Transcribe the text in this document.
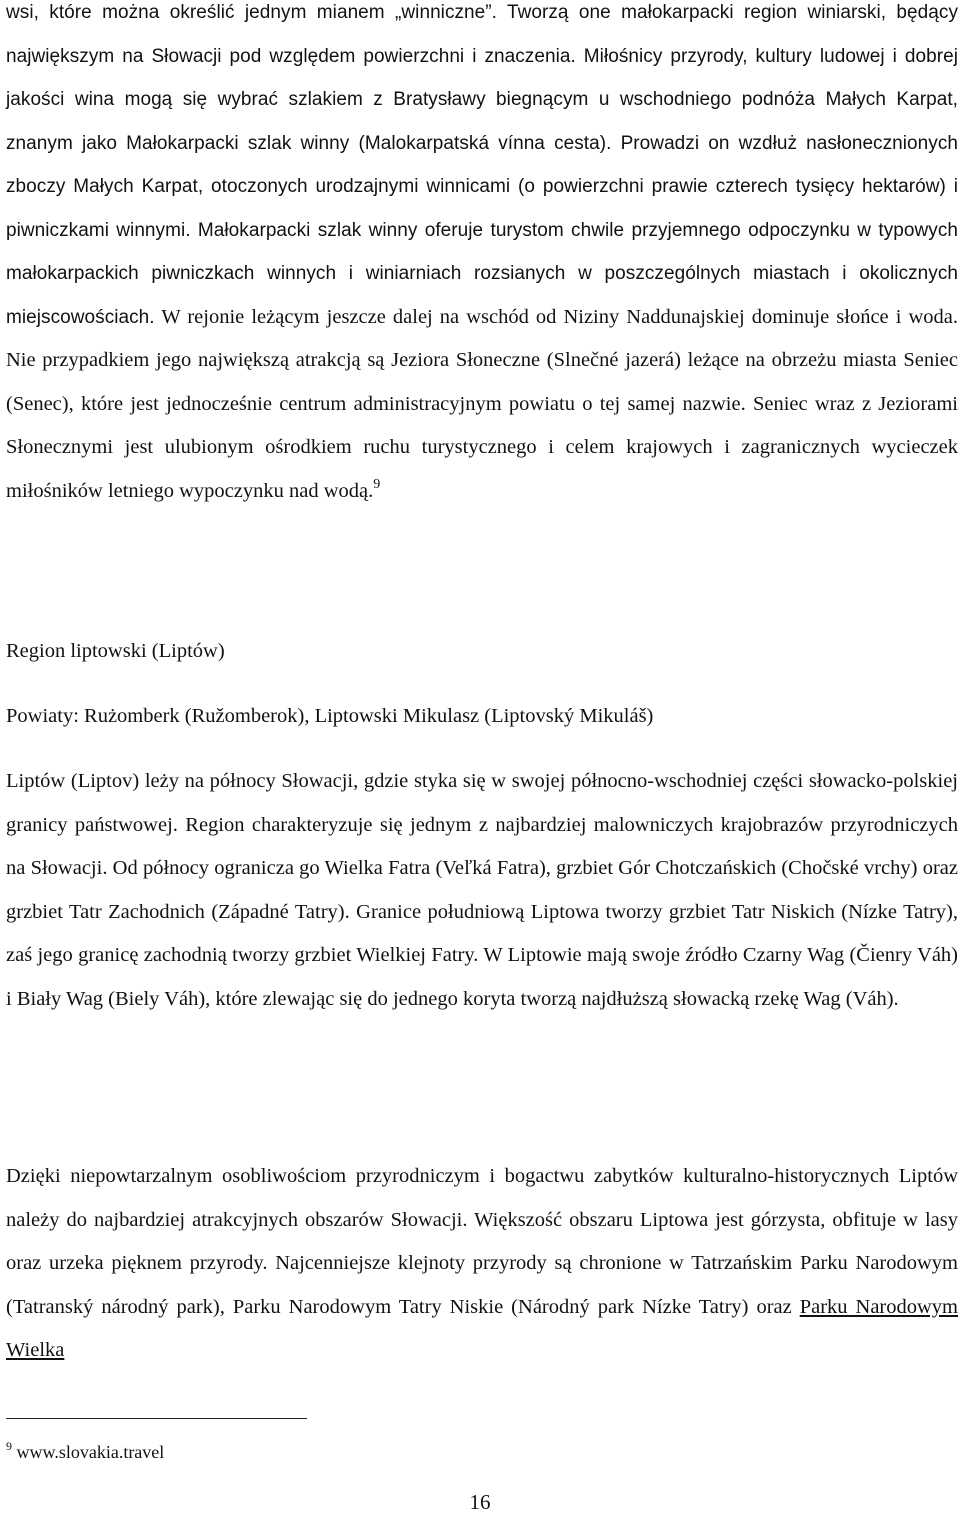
wsi, które można określić jednym mianem „winniczne”. Tworzą one małokarpacki region winiarski, będący największym na Słowacji pod względem powierzchni i znaczenia. Miłośnicy przyrody, kultury ludowej i dobrej jakości wina mogą się wybrać szlakiem z Bratysławy biegnącym u wschodniego podnóża Małych Karpat, znanym jako Małokarpacki szlak winny (Malokarpatská vínna cesta). Prowadzi on wzdłuż nasłonecznionych zboczy Małych Karpat, otoczonych urodzajnymi winnicami (o powierzchni prawie czterech tysięcy hektarów) i piwniczkami winnymi. Małokarpacki szlak winny oferuje turystom chwile przyjemnego odpoczynku w typowych małokarpackich piwniczkach winnych i winiarniach rozsianych w poszczególnych miastach i okolicznych miejscowościach. W rejonie leżącym jeszcze dalej na wschód od Niziny Naddunajskiej dominuje słońce i woda. Nie przypadkiem jego największą atrakcją są Jeziora Słoneczne (Slnečné jazerá) leżące na obrzeżu miasta Seniec (Senec), które jest jednocześnie centrum administracyjnym powiatu o tej samej nazwie. Seniec wraz z Jeziorami Słonecznymi jest ulubionym ośrodkiem ruchu turystycznego i celem krajowych i zagranicznych wycieczek miłośników letniego wypoczynku nad wodą.$^9$

Region liptowski (Liptów)

Powiaty: Rużomberk (Ružomberok), Liptowski Mikulasz (Liptovský Mikuláš)

Liptów (Liptov) leży na północy Słowacji, gdzie styka się w swojej północno-wschodniej części słowacko-polskiej granicy państwowej. Region charakteryzuje się jednym z najbardziej malowniczych krajobrazów przyrodniczych na Słowacji. Od północy ogranicza go Wielka Fatra (Veľká Fatra), grzbiet Gór Chotczańskich (Chočské vrchy) oraz grzbiet Tatr Zachodnich (Západné Tatry). Granice południową Liptowa tworzy grzbiet Tatr Niskich (Nízke Tatry), zaś jego granicę zachodnią tworzy grzbiet Wielkiej Fatry. W Liptowie mają swoje źródło Czarny Wag (Čienry Váh) i Biały Wag (Biely Váh), które zlewając się do jednego koryta tworzą najdłuższą słowacką rzekę Wag (Váh).

Dzięki niepowtarzalnym osobliwościom przyrodniczym i bogactwu zabytków kulturalno-historycznych Liptów należy do najbardziej atrakcyjnych obszarów Słowacji. Większość obszaru Liptowa jest górzysta, obfituje w lasy oraz urzeka pięknem przyrody. Najcenniejsze klejnoty przyrody są chronione w Tatrzańskim Parku Narodowym (Tatranský národný park), Parku Narodowym Tatry Niskie (Národný park Nízke Tatry) oraz Parku Narodowym Wielka

$^9$ www.slovakia.travel
16
